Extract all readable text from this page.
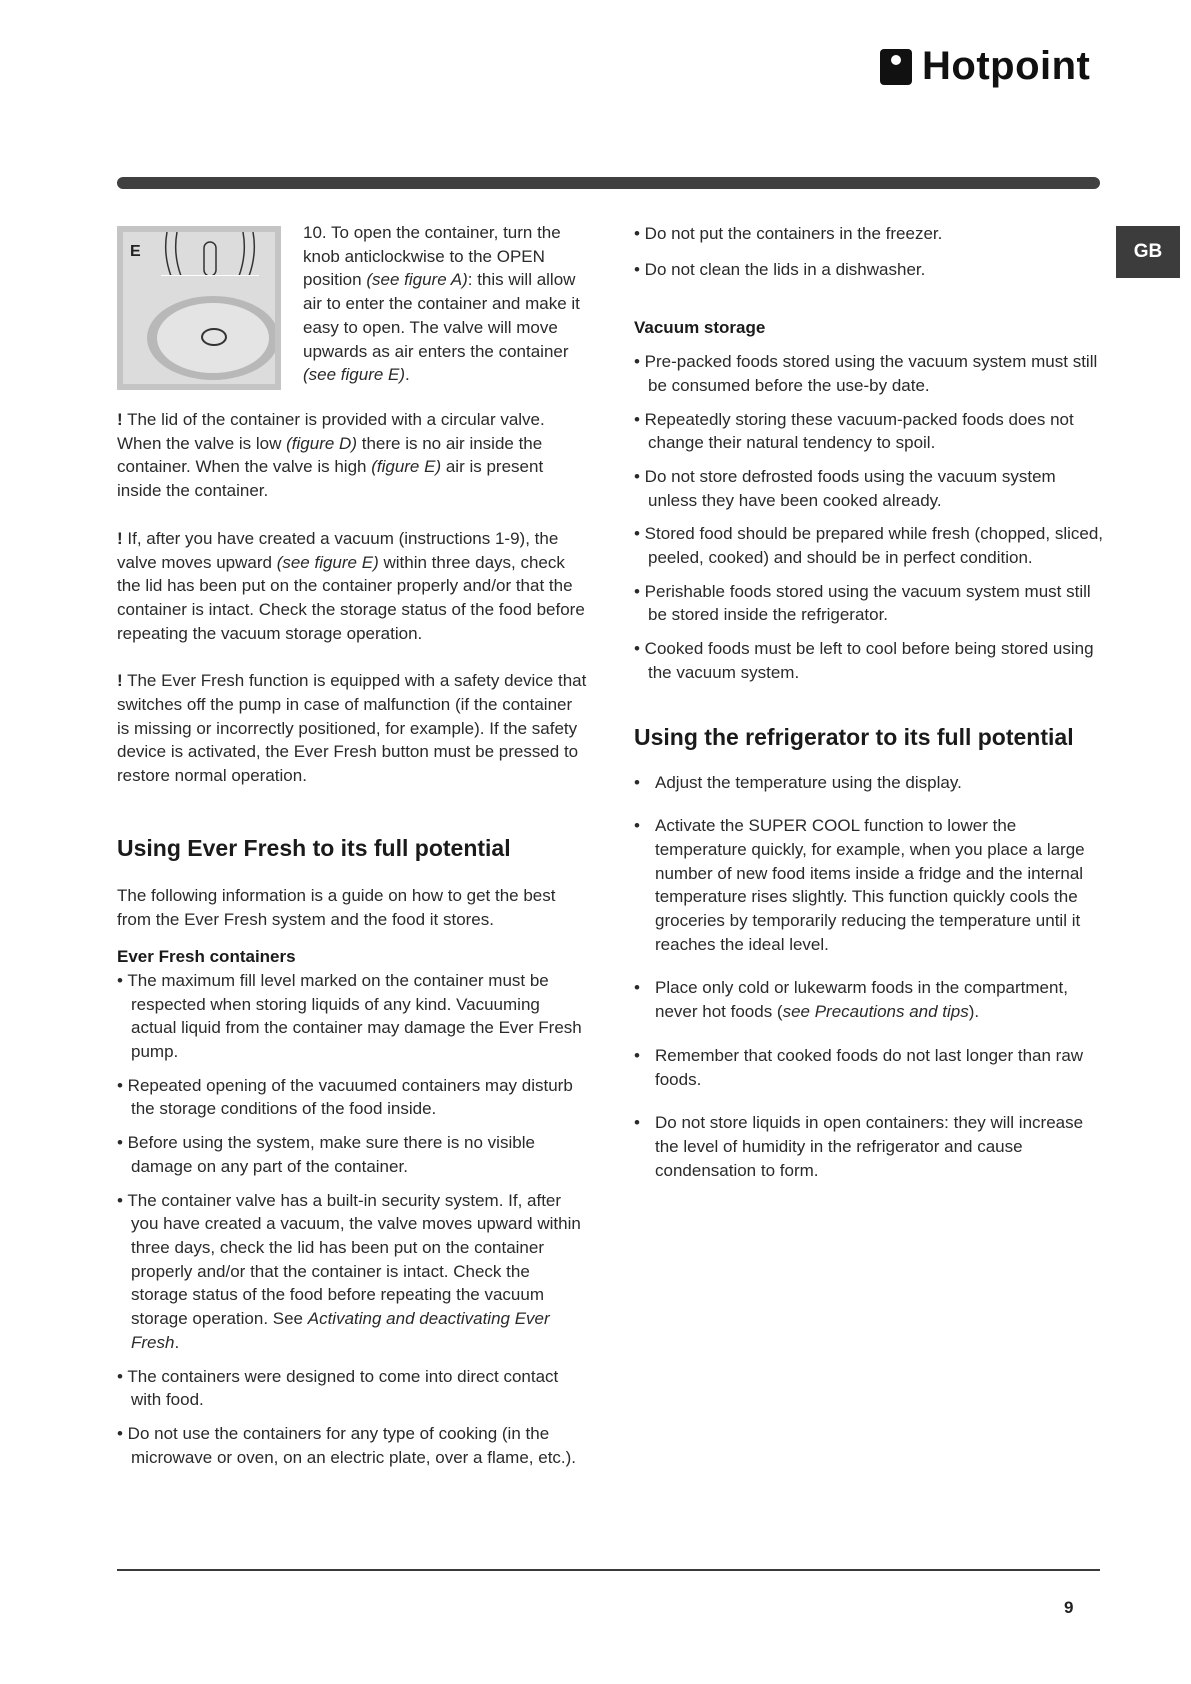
Hotpoint
GB
E

10. To open the container, turn the knob anticlockwise to the OPEN position (see figure A): this will allow air to enter the container and make it easy to open. The valve will move upwards as air enters the container (see figure E).

! The lid of the container is provided with a circular valve. When the valve is low (figure D) there is no air inside the container. When the valve is high (figure E) air is present inside the container.

! If, after you have created a vacuum (instructions 1-9), the valve moves upward (see figure E) within three days, check the lid has been put on the container properly and/or that the container is intact. Check the storage status of the food before repeating the vacuum storage operation.

! The Ever Fresh function is equipped with a safety device that switches off the pump in case of malfunction (if the container is missing or incorrectly positioned, for example). If the safety device is activated, the Ever Fresh button must be pressed to restore normal operation.

Using Ever Fresh to its full potential

The following information is a guide on how to get the best from the Ever Fresh system and the food it stores.

Ever Fresh containers

• The maximum fill level marked on the container must be respected when storing liquids of any kind. Vacuuming actual liquid from the container may damage the Ever Fresh pump.

• Repeated opening of the vacuumed containers may disturb the storage conditions of the food inside.

• Before using the system, make sure there is no visible damage on any part of the container.

• The container valve has a built-in security system. If, after you have created a vacuum, the valve moves upward within three days, check the lid has been put on the container properly and/or that the container is intact. Check the storage status of the food before repeating the vacuum storage operation. See Activating and deactivating Ever Fresh.

• The containers were designed to come into direct contact with food.

• Do not use the containers for any type of cooking (in the microwave or oven, on an electric plate, over a flame, etc.).

• Do not put the containers in the freezer.

• Do not clean the lids in a dishwasher.

Vacuum storage

• Pre-packed foods stored using the vacuum system must still be consumed before the use-by date.

• Repeatedly storing these vacuum-packed foods does not change their natural tendency to spoil.

• Do not store defrosted foods using the vacuum system unless they have been cooked already.

• Stored food should be prepared while fresh (chopped, sliced, peeled, cooked) and should be in perfect condition.

• Perishable foods stored using the vacuum system must still be stored inside the refrigerator.

• Cooked foods must be left to cool before being stored using the vacuum system.

Using the refrigerator to its full potential

• Adjust the temperature using the display.

• Activate the SUPER COOL function to lower the temperature quickly, for example, when you place a large number of new food items inside a fridge and the internal temperature rises slightly. This function quickly cools the groceries by temporarily reducing the temperature until it reaches the ideal level.

• Place only cold or lukewarm foods in the compartment, never hot foods (see Precautions and tips).

• Remember that cooked foods do not last longer than raw foods.

• Do not store liquids in open containers: they will increase the level of humidity in the refrigerator and cause condensation to form.

9
